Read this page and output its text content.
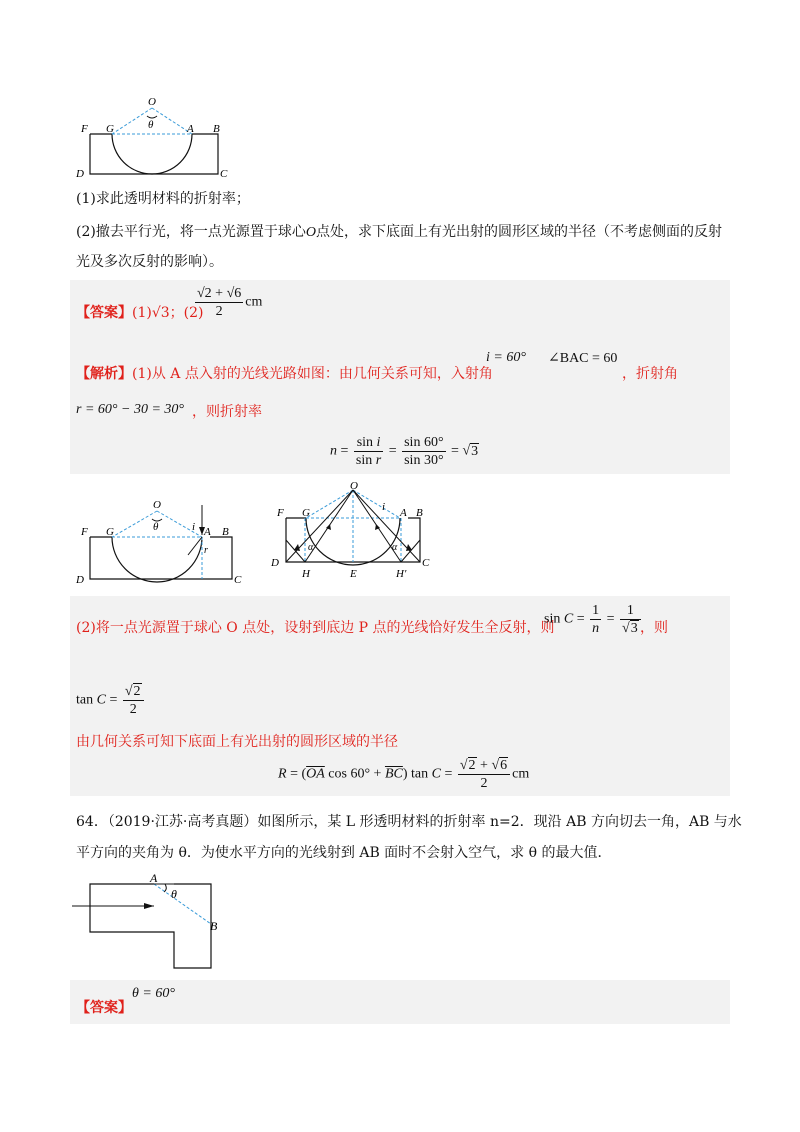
O
θ
F G	A B
D	C
(1)求此透明材料的折射率；
(2)撤去平行光，将一点光源置于球心O点处，求下底面上有光出射的圆形区域的半径（不考虑侧面的反射
光及多次反射的影响）。
【答案】(1)√3；(2)
$\frac{√2 + √6}{2}$ cm
【解析】(1)从 A 点入射的光线光路如图：由几何关系可知，入射角
i = 60° ∠BAC = 60
，折射角
r = 60° − 30 = 30° ，则折射率
$n = \frac{\text{sin i}}{\text{sin r}} = \frac{\sin 60^\circ}{\sin 30^\circ} = √3$
O
θ
F G	i A B
r
D	C
O
F G	i A B
α	α
D	C
H	E	H′
(2)将一点光源置于球心 O 点处，设射到底边 P 点的光线恰好发生全反射，则
$\sin C = \frac{1}{n} = \frac{1}{√3}$ ，则
$\tan C = \frac{√2}{2}$
由几何关系可知下底面上有光出射的圆形区域的半径
$R = (\overline{OA}$ $\cos 60^\circ + \overline{BC}$) $\tan C = \frac{√2 + √6}{2}$ cm
64．（2019·江苏·高考真题）如图所示，某 L 形透明材料的折射率 n=2．现沿 AB 方向切去一角，AB 与水
平方向的夹角为 θ．为使水平方向的光线射到 AB 面时不会射入空气，求 θ 的最大值．
A
θ
B
【答案】
θ = 60°
